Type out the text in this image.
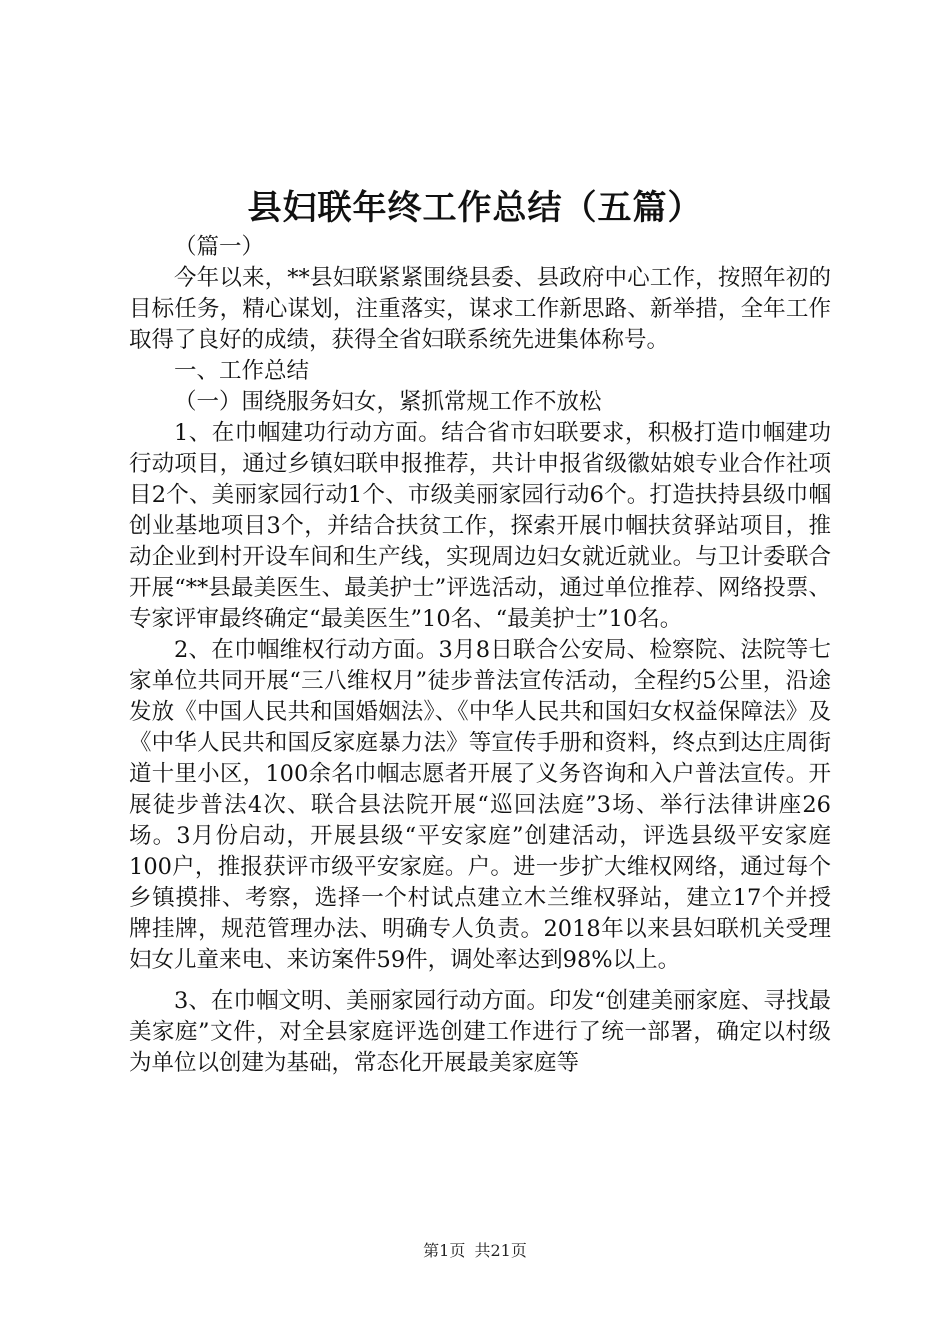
县妇联年终工作总结（五篇）

（篇一）

今年以来，**县妇联紧紧围绕县委、县政府中心工作，按照年初的目标任务，精心谋划，注重落实，谋求工作新思路、新举措，全年工作取得了良好的成绩，获得全省妇联系统先进集体称号。

一、工作总结

（一）围绕服务妇女，紧抓常规工作不放松

1、在巾帼建功行动方面。结合省市妇联要求，积极打造巾帼建功行动项目，通过乡镇妇联申报推荐，共计申报省级徽姑娘专业合作社项目2个、美丽家园行动1个、市级美丽家园行动6个。打造扶持县级巾帼创业基地项目3个，并结合扶贫工作，探索开展巾帼扶贫驿站项目，推动企业到村开设车间和生产线，实现周边妇女就近就业。与卫计委联合开展“**县最美医生、最美护士”评选活动，通过单位推荐、网络投票、专家评审最终确定“最美医生”10名、“最美护士”10名。

2、在巾帼维权行动方面。3月8日联合公安局、检察院、法院等七家单位共同开展“三八维权月”徒步普法宣传活动，全程约5公里，沿途发放《中国人民共和国婚姻法》、《中华人民共和国妇女权益保障法》及《中华人民共和国反家庭暴力法》等宣传手册和资料，终点到达庄周街道十里小区，100余名巾帼志愿者开展了义务咨询和入户普法宣传。开展徒步普法4次、联合县法院开展“巡回法庭”3场、举行法律讲座26场。3月份启动，开展县级“平安家庭”创建活动，评选县级平安家庭100户，推报获评市级平安家庭。户。进一步扩大维权网络，通过每个乡镇摸排、考察，选择一个村试点建立木兰维权驿站，建立17个并授牌挂牌，规范管理办法、明确专人负责。2018年以来县妇联机关受理妇女儿童来电、来访案件59件，调处率达到98%以上。

3、在巾帼文明、美丽家园行动方面。印发“创建美丽家庭、寻找最美家庭”文件，对全县家庭评选创建工作进行了统一部署，确定以村级为单位以创建为基础，常态化开展最美家庭等

第1页 共21页
